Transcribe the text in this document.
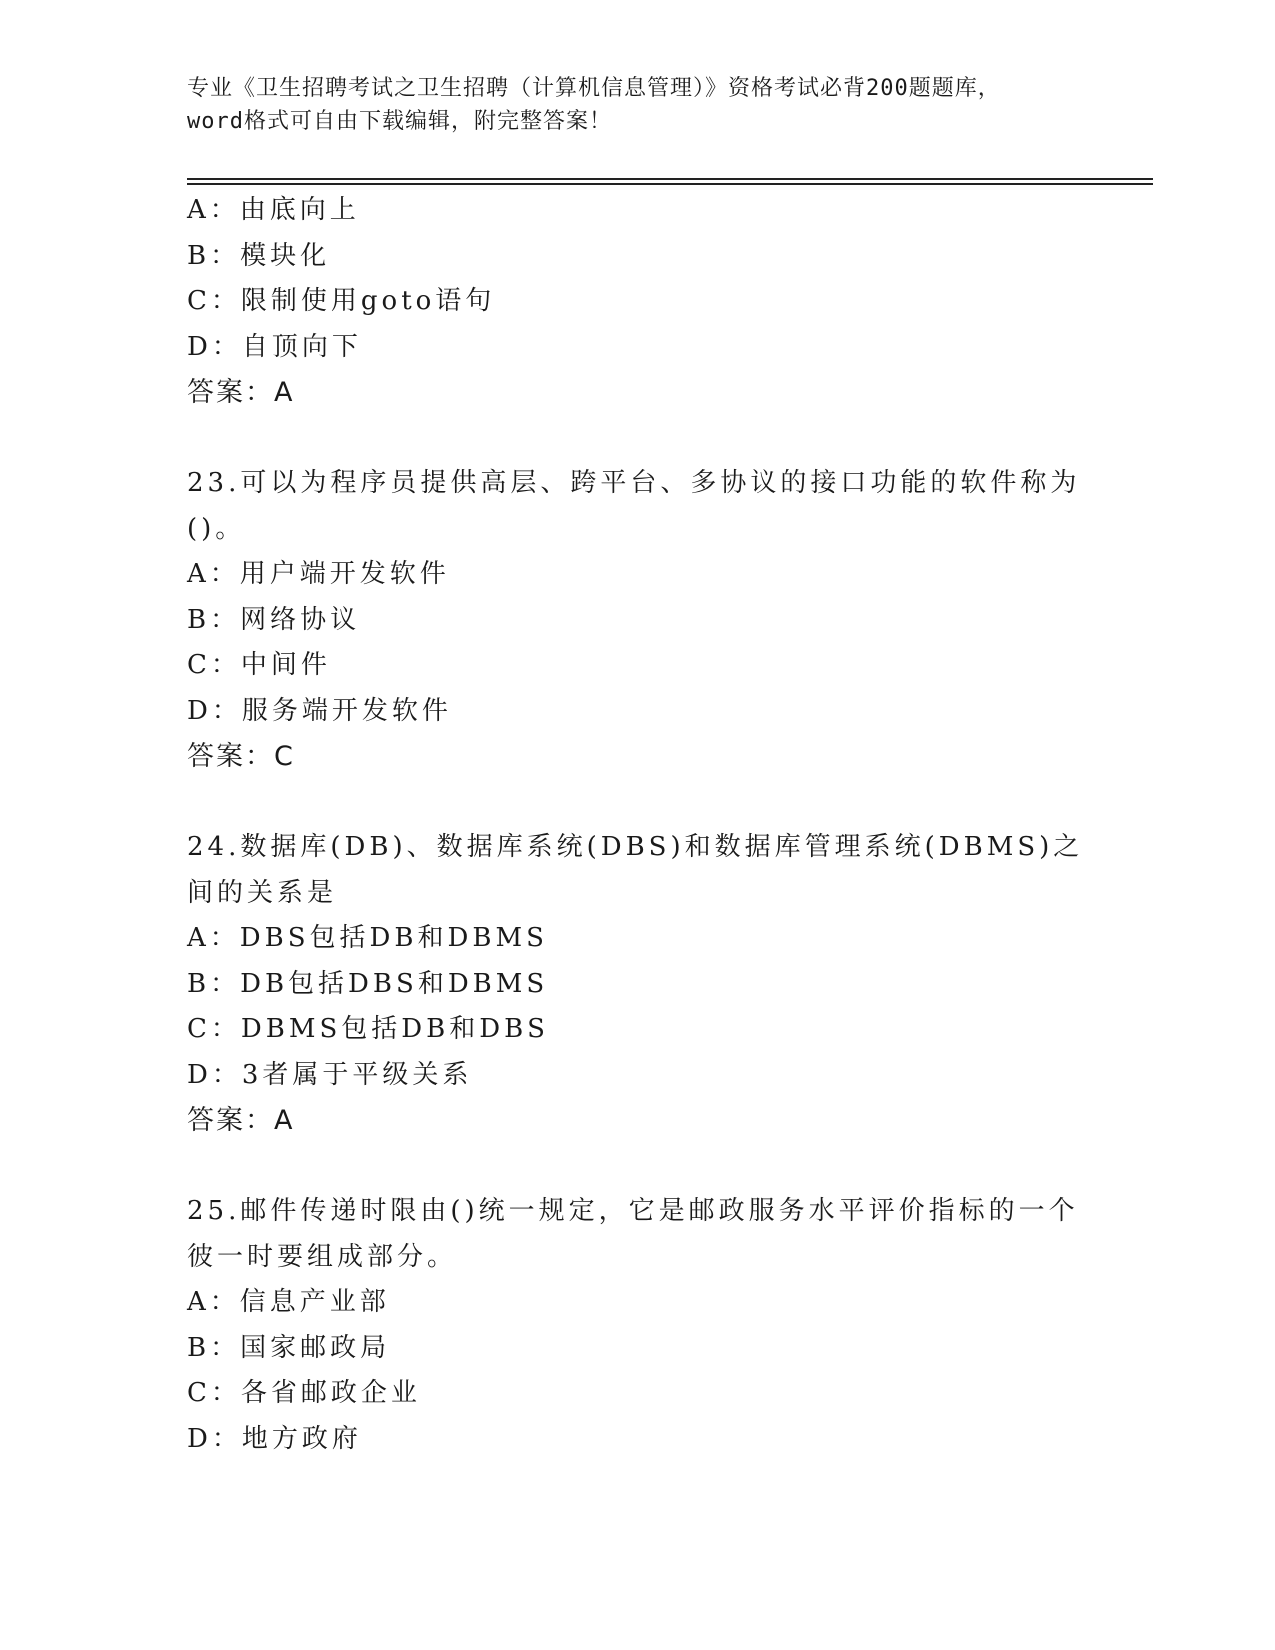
专业《卫生招聘考试之卫生招聘（计算机信息管理）》资格考试必背200题题库，
word格式可自由下载编辑，附完整答案！
A：由底向上
B：模块化
C：限制使用goto语句
D：自顶向下
答案：A
23.可以为程序员提供高层、跨平台、多协议的接口功能的软件称为()。
A：用户端开发软件
B：网络协议
C：中间件
D：服务端开发软件
答案：C
24.数据库(DB)、数据库系统(DBS)和数据库管理系统(DBMS)之间的关系是
A：DBS包括DB和DBMS
B：DB包括DBS和DBMS
C：DBMS包括DB和DBS
D：3者属于平级关系
答案：A
25.邮件传递时限由()统一规定，它是邮政服务水平评价指标的一个彼一时要组成部分。
A：信息产业部
B：国家邮政局
C：各省邮政企业
D：地方政府
